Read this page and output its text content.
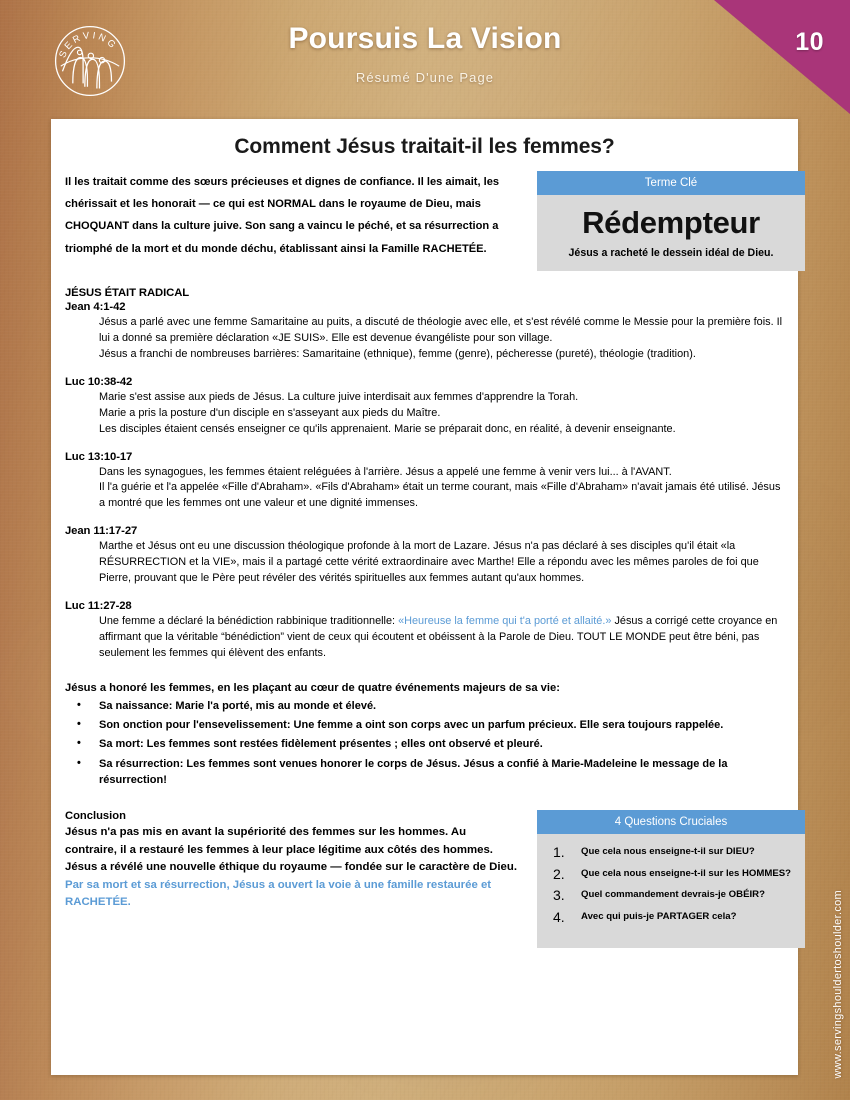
10
SERVING	Poursuis La Vision
Résumé D'une Page
www.servingshouldertoshoulder.com
Comment Jésus traitait-il les femmes?
Il les traitait comme des sœurs précieuses et dignes de confiance. Il les aimait, les chérissait et les honorait — ce qui est NORMAL dans le royaume de Dieu, mais CHOQUANT dans la culture juive. Son sang a vaincu le péché, et sa résurrection a triomphé de la mort et du monde déchu, établissant ainsi la Famille RACHETÉE.
Terme Clé
Rédempteur
Jésus a racheté le dessein idéal de Dieu.
JÉSUS ÉTAIT RADICAL
Jean 4:1-42
Jésus a parlé avec une femme Samaritaine au puits, a discuté de théologie avec elle, et s'est révélé comme le Messie pour la première fois. Il lui a donné sa première déclaration «JE SUIS». Elle est devenue évangéliste pour son village.
Jésus a franchi de nombreuses barrières: Samaritaine (ethnique), femme (genre), pécheresse (pureté), théologie (tradition).
Luc 10:38-42
Marie s'est assise aux pieds de Jésus. La culture juive interdisait aux femmes d'apprendre la Torah.
Marie a pris la posture d'un disciple en s'asseyant aux pieds du Maître.
Les disciples étaient censés enseigner ce qu'ils apprenaient. Marie se préparait donc, en réalité, à devenir enseignante.
Luc 13:10-17
Dans les synagogues, les femmes étaient reléguées à l'arrière. Jésus a appelé une femme à venir vers lui... à l'AVANT.
Il l'a guérie et l'a appelée «Fille d'Abraham». «Fils d'Abraham» était un terme courant, mais «Fille d'Abraham» n'avait jamais été utilisé. Jésus a montré que les femmes ont une valeur et une dignité immenses.
Jean 11:17-27
Marthe et Jésus ont eu une discussion théologique profonde à la mort de Lazare. Jésus n'a pas déclaré à ses disciples qu'il était «la RÉSURRECTION et la VIE», mais il a partagé cette vérité extraordinaire avec Marthe! Elle a répondu avec les mêmes paroles de foi que Pierre, prouvant que le Père peut révéler des vérités spirituelles aux femmes autant qu'aux hommes.
Luc 11:27-28
Une femme a déclaré la bénédiction rabbinique traditionnelle: «Heureuse la femme qui t'a porté et allaité.» Jésus a corrigé cette croyance en affirmant que la véritable “bénédiction” vient de ceux qui écoutent et obéissent à la Parole de Dieu. TOUT LE MONDE peut être béni, pas seulement les femmes qui élèvent des enfants.
Jésus a honoré les femmes, en les plaçant au cœur de quatre événements majeurs de sa vie:
• Sa naissance: Marie l'a porté, mis au monde et élevé.
• Son onction pour l'ensevelissement: Une femme a oint son corps avec un parfum précieux. Elle sera toujours rappelée.
• Sa mort: Les femmes sont restées fidèlement présentes ; elles ont observé et pleuré.
• Sa résurrection: Les femmes sont venues honorer le corps de Jésus. Jésus a confié à Marie-Madeleine le message de la résurrection!
Conclusion
Jésus n'a pas mis en avant la supériorité des femmes sur les hommes. Au contraire, il a restauré les femmes à leur place légitime aux côtés des hommes. Jésus a révélé une nouvelle éthique du royaume — fondée sur le caractère de Dieu. Par sa mort et sa résurrection, Jésus a ouvert la voie à une famille restaurée et RACHETÉE.
4 Questions Cruciales
Que cela nous enseigne-t-il sur DIEU?
Que cela nous enseigne-t-il sur les HOMMES?
Quel commandement devrais-je OBÉIR?
Avec qui puis-je PARTAGER cela?
